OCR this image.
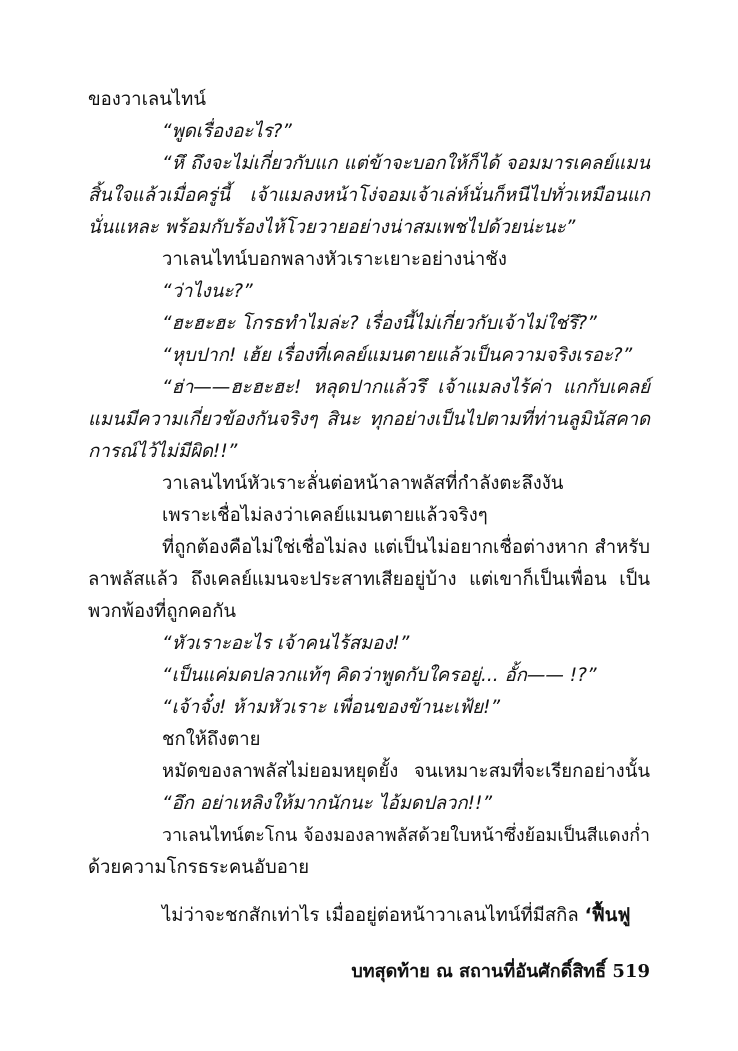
ของวาเลนไทน์
“พูดเรื่องอะไร?”
“หึ ถึงจะไม่เกี่ยวกับแก แต่ข้าจะบอกให้ก็ได้ จอมมารเคลย์แมน
สิ้นใจแล้วเมื่อครู่นี้ เจ้าแมลงหน้าโง่จอมเจ้าเล่ห์นั่นก็หนีไปทั่วเหมือนแก
นั่นแหละ พร้อมกับร้องไห้โวยวายอย่างน่าสมเพชไปด้วยน่ะนะ”
วาเลนไทน์บอกพลางหัวเราะเยาะอย่างน่าชัง
“ว่าไงนะ?”
“ฮะฮะฮะ โกรธทำไมล่ะ? เรื่องนี้ไม่เกี่ยวกับเจ้าไม่ใช่รึ?”
“หุบปาก! เฮ้ย เรื่องที่เคลย์แมนตายแล้วเป็นความจริงเรอะ?”
“ฮ่า——ฮะฮะฮะ! หลุดปากแล้วรึ เจ้าแมลงไร้ค่า แกกับเคลย์
แมนมีความเกี่ยวข้องกันจริงๆ สินะ ทุกอย่างเป็นไปตามที่ท่านลูมินัสคาด
การณ์ไว้ไม่มีผิด!!”
วาเลนไทน์หัวเราะลั่นต่อหน้าลาพลัสที่กำลังตะลึงงัน
เพราะเชื่อไม่ลงว่าเคลย์แมนตายแล้วจริงๆ
ที่ถูกต้องคือไม่ใช่เชื่อไม่ลง แต่เป็นไม่อยากเชื่อต่างหาก สำหรับ
ลาพลัสแล้ว ถึงเคลย์แมนจะประสาทเสียอยู่บ้าง แต่เขาก็เป็นเพื่อน เป็น
พวกพ้องที่ถูกคอกัน
“หัวเราะอะไร เจ้าคนไร้สมอง!”
“เป็นแค่มดปลวกแท้ๆ คิดว่าพูดกับใครอยู่... อั้ก—— !?”
“เจ้าจั๋ง! ห้ามหัวเราะ เพื่อนของข้านะเฟ้ย!”
ชกให้ถึงตาย
หมัดของลาพลัสไม่ยอมหยุดยั้ง จนเหมาะสมที่จะเรียกอย่างนั้น
“อึก อย่าเหลิงให้มากนักนะ ไอ้มดปลวก!!”
วาเลนไทน์ตะโกน จ้องมองลาพลัสด้วยใบหน้าซึ่งย้อมเป็นสีแดงก่ำ
ด้วยความโกรธระคนอับอาย
ไม่ว่าจะชกสักเท่าไร เมื่ออยู่ต่อหน้าวาเลนไทน์ที่มีสกิล ‘ฟื้นฟู
บทสุดท้าย ณ สถานที่อันศักดิ์สิทธิ์ 519
